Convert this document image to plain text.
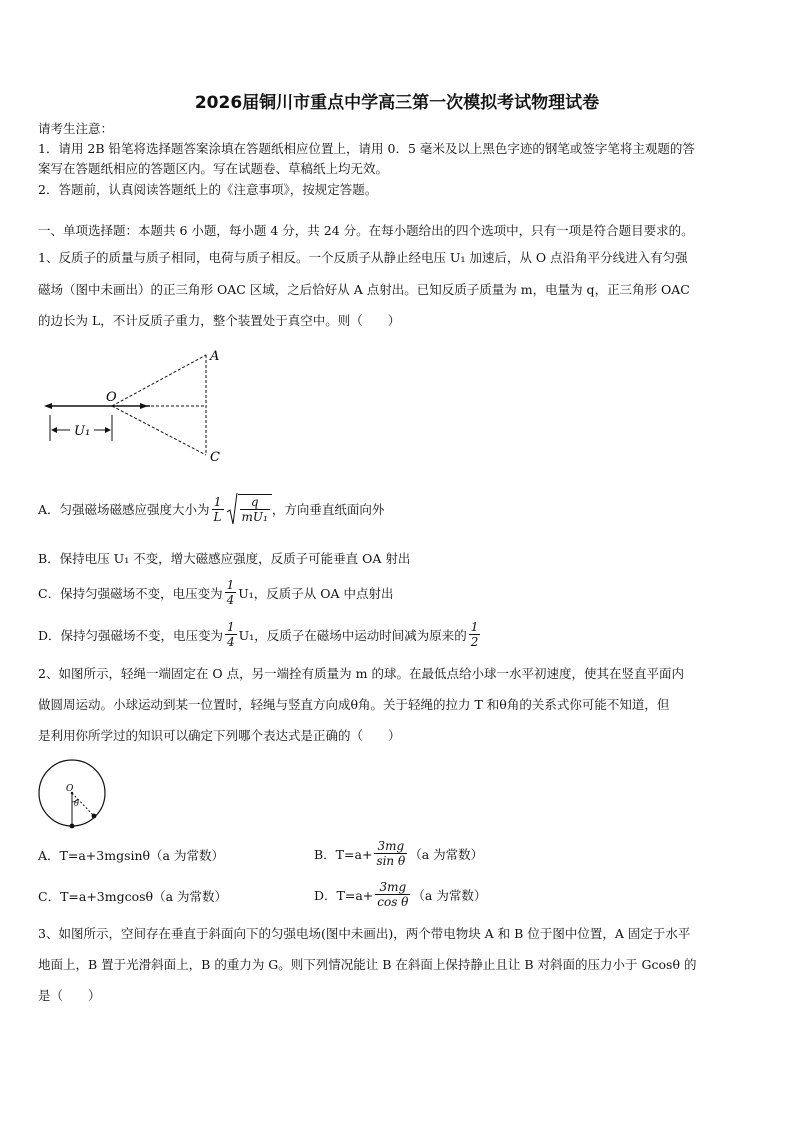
2026届铜川市重点中学高三第一次模拟考试物理试卷
请考生注意：
1．请用 2B 铅笔将选择题答案涂填在答题纸相应位置上，请用 0．5 毫米及以上黑色字迹的钢笔或签字笔将主观题的答
案写在答题纸相应的答题区内。写在试题卷、草稿纸上均无效。
2．答题前，认真阅读答题纸上的《注意事项》，按规定答题。
一、单项选择题：本题共 6 小题，每小题 4 分，共 24 分。在每小题给出的四个选项中，只有一项是符合题目要求的。
1、反质子的质量与质子相同，电荷与质子相反。一个反质子从静止经电压 U₁ 加速后，从 O 点沿角平分线进入有匀强
磁场（图中未画出）的正三角形 OAC 区域，之后恰好从 A 点射出。已知反质子质量为 m，电量为 q，正三角形 OAC
的边长为 L，不计反质子重力，整个装置处于真空中。则（　　）
A
C
O
U₁
A．匀强磁场磁感应强度大小为 $\frac{1}{L} \frac{q}{\text{mU₁}}$ ，方向垂直纸面向外
B．保持电压 U₁ 不变，增大磁感应强度，反质子可能垂直 OA 射出
C．保持匀强磁场不变，电压变为 $\frac{1}{4} U_1$，反质子从 OA 中点射出
D．保持匀强磁场不变，电压变为 $\frac{1}{4} U_1$，反质子在磁场中运动时间减为原来的 $\frac{1}{2}$
2、如图所示，轻绳一端固定在 O 点，另一端拴有质量为 m 的球。在最低点给小球一水平初速度，使其在竖直平面内
做圆周运动。小球运动到某一位置时，轻绳与竖直方向成θ角。关于轻绳的拉力 T 和θ角的关系式你可能不知道，但
是利用你所学过的知识可以确定下列哪个表达式是正确的（　　）
O
θ
A．T=a+3mgsinθ（a 为常数）	B．$T=a+ \frac{3mg}{\text{sin θ}} (a$ 为常数）
C．T=a+3mgcosθ（a 为常数）	D．$T=a+ \frac{3mg}{\text{cos θ}} (a$ 为常数）
3、如图所示，空间存在垂直于斜面向下的匀强电场(图中未画出)，两个带电物块 A 和 B 位于图中位置，A 固定于水平
地面上，B 置于光滑斜面上，B 的重力为 G。则下列情况能让 B 在斜面上保持静止且让 B 对斜面的压力小于 Gcosθ 的
是（　　）
